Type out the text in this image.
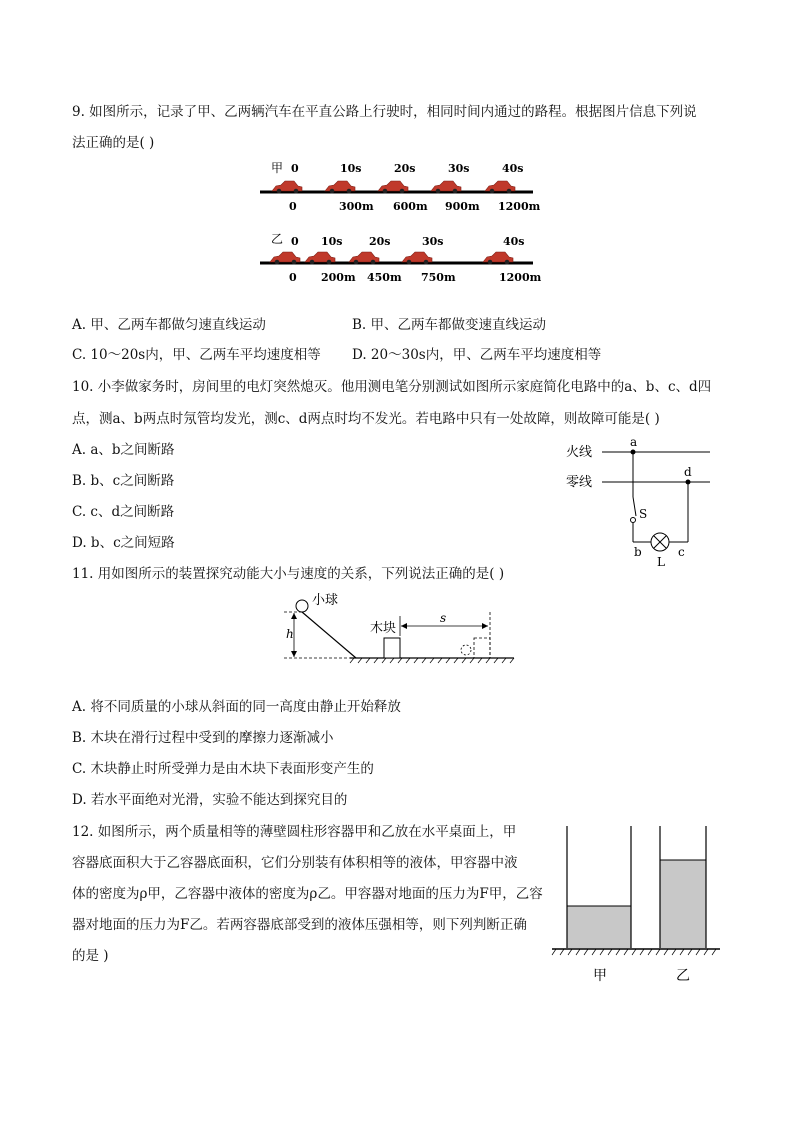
9. 如图所示，记录了甲、乙两辆汽车在平直公路上行驶时，相同时间内通过的路程。根据图片信息下列说
法正确的是( )
甲
乙
0	10s	20s	30s	40s
0	300m 600m 900m 1200m
0 10s 20s	30s	40s
0 200m 450m 750m	1200m
A. 甲、乙两车都做匀速直线运动	B. 甲、乙两车都做变速直线运动
C. 10～20s内，甲、乙两车平均速度相等 D. 20～30s内，甲、乙两车平均速度相等
10. 小李做家务时，房间里的电灯突然熄灭。他用测电笔分别测试如图所示家庭简化电路中的a、b、c、d四
点，测a、b两点时氖管均发光，测c、d两点时均不发光。若电路中只有一处故障，则故障可能是( )
A. a、b之间断路
B. b、c之间断路
C. c、d之间断路
D. b、c之间短路
火线
零线
a
d
S
b	c
L
11. 用如图所示的装置探究动能大小与速度的关系，下列说法正确的是( )
小球
h	木块
s
A. 将不同质量的小球从斜面的同一高度由静止开始释放
B. 木块在滑行过程中受到的摩擦力逐渐减小
C. 木块静止时所受弹力是由木块下表面形变产生的
D. 若水平面绝对光滑，实验不能达到探究目的
12. 如图所示，两个质量相等的薄壁圆柱形容器甲和乙放在水平桌面上，甲
容器底面积大于乙容器底面积，它们分别装有体积相等的液体，甲容器中液
体的密度为ρ甲，乙容器中液体的密度为ρ乙。甲容器对地面的压力为F甲，乙容
器对地面的压力为F乙。若两容器底部受到的液体压强相等，则下列判断正确
的是 )
甲	乙
